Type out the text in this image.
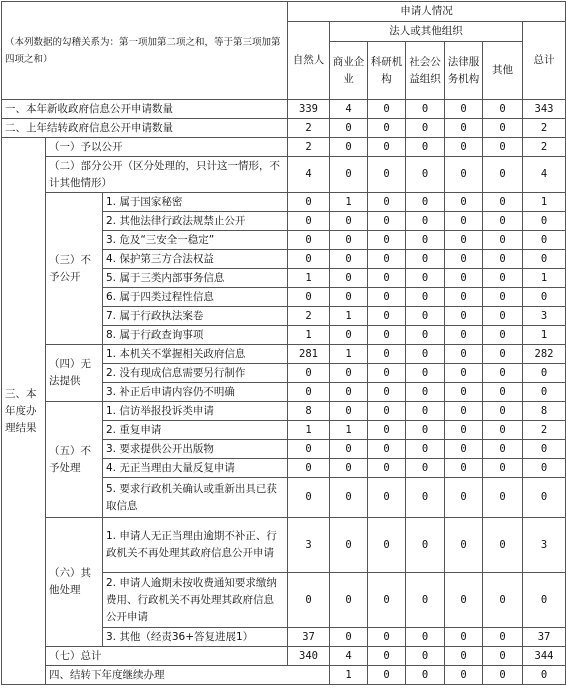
（本列数据的勾稽关系为：第一项加第二项之和，等于第三项加第四项之和）			申请人情况							
			自然人	法人或其他组织					总计	
				商业企业	科研机构	社会公益组织	法律服务机构	其他		
一、本年新收政府信息公开申请数量			339	4	0	0	0	0	343	
二、上年结转政府信息公开申请数量			2	0	0	0	0	0	2	
三、本年度办理结果	（一）予以公开		2	0	0	0	0	0	2	
	（二）部分公开（区分处理的，只计这一情形，不计其他情形）		4	0	0	0	0	0	4	
	（三）不予公开	1. 属于国家秘密	0	1	0	0	0	0	1	
		2. 其他法律行政法规禁止公开	0	0	0	0	0	0	0	
		3. 危及“三安全一稳定”	0	0	0	0	0	0	0	
		4. 保护第三方合法权益	0	0	0	0	0	0	0	
		5. 属于三类内部事务信息	1	0	0	0	0	0	1	
		6. 属于四类过程性信息	0	0	0	0	0	0	0	
		7. 属于行政执法案卷	2	1	0	0	0	0	3	
		8. 属于行政查询事项	1	0	0	0	0	0	1	
	（四）无法提供	1. 本机关不掌握相关政府信息	281	1	0	0	0	0	282	
		2. 没有现成信息需要另行制作	0	0	0	0	0	0	0	
		3. 补正后申请内容仍不明确	0	0	0	0	0	0	0	
	（五）不予处理	1. 信访举报投诉类申请	8	0	0	0	0	0	8	
		2. 重复申请	1	1	0	0	0	0	2	
		3. 要求提供公开出版物	0	0	0	0	0	0	0	
		4. 无正当理由大量反复申请	0	0	0	0	0	0	0	
		5. 要求行政机关确认或重新出具已获取信息	0	0	0	0	0	0	0	
	（六）其他处理	1. 申请人无正当理由逾期不补正、行政机关不再处理其政府信息公开申请	3	0	0	0	0	0	3	
		2. 申请人逾期未按收费通知要求缴纳费用、行政机关不再处理其政府信息公开申请	0	0	0	0	0	0	0	
		3. 其他（经责36+答复进展1）	37	0	0	0	0	0	37	
	（七）总计		340	4	0	0	0	0	344	
	四、结转下年度继续办理			1	0	0	0	0	0	
